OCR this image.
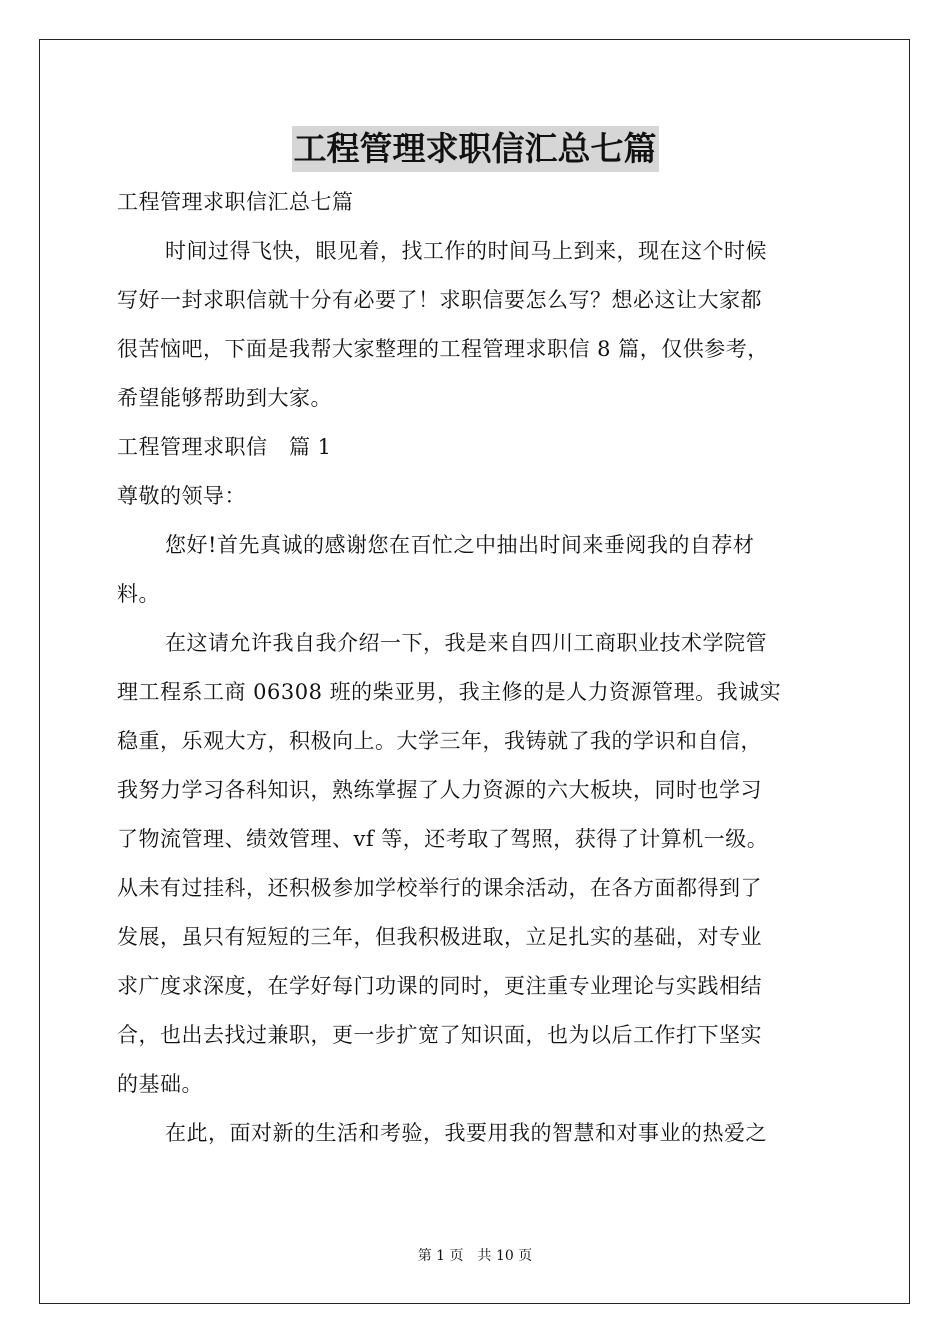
工程管理求职信汇总七篇
工程管理求职信汇总七篇
时间过得飞快，眼见着，找工作的时间马上到来，现在这个时候
写好一封求职信就十分有必要了！求职信要怎么写？想必这让大家都
很苦恼吧，下面是我帮大家整理的工程管理求职信 8 篇，仅供参考，
希望能够帮助到大家。
工程管理求职信　篇 1
尊敬的领导：
您好!首先真诚的感谢您在百忙之中抽出时间来垂阅我的自荐材
料。
在这请允许我自我介绍一下，我是来自四川工商职业技术学院管
理工程系工商 06308 班的柴亚男，我主修的是人力资源管理。我诚实
稳重，乐观大方，积极向上。大学三年，我铸就了我的学识和自信，
我努力学习各科知识，熟练掌握了人力资源的六大板块，同时也学习
了物流管理、绩效管理、vf 等，还考取了驾照，获得了计算机一级。
从未有过挂科，还积极参加学校举行的课余活动，在各方面都得到了
发展，虽只有短短的三年，但我积极进取，立足扎实的基础，对专业
求广度求深度，在学好每门功课的同时，更注重专业理论与实践相结
合，也出去找过兼职，更一步扩宽了知识面，也为以后工作打下坚实
的基础。
在此，面对新的生活和考验，我要用我的智慧和对事业的热爱之
第 1 页 共 10 页
